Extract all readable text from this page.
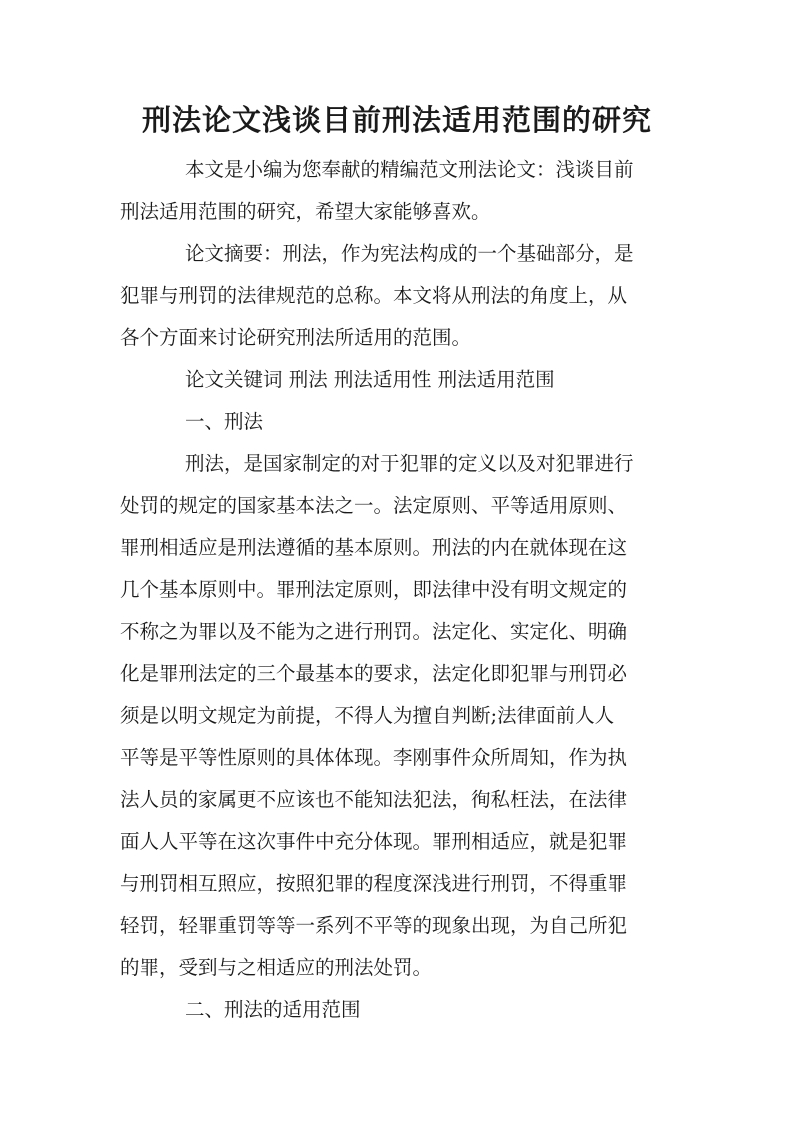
刑法论文浅谈目前刑法适用范围的研究
本文是小编为您奉献的精编范文刑法论文：浅谈目前
刑法适用范围的研究，希望大家能够喜欢。
论文摘要：刑法，作为宪法构成的一个基础部分，是
犯罪与刑罚的法律规范的总称。本文将从刑法的角度上，从
各个方面来讨论研究刑法所适用的范围。
论文关键词 刑法 刑法适用性 刑法适用范围
一、刑法
刑法，是国家制定的对于犯罪的定义以及对犯罪进行
处罚的规定的国家基本法之一。法定原则、平等适用原则、
罪刑相适应是刑法遵循的基本原则。刑法的内在就体现在这
几个基本原则中。罪刑法定原则，即法律中没有明文规定的
不称之为罪以及不能为之进行刑罚。法定化、实定化、明确
化是罪刑法定的三个最基本的要求，法定化即犯罪与刑罚必
须是以明文规定为前提，不得人为擅自判断;法律面前人人
平等是平等性原则的具体体现。李刚事件众所周知，作为执
法人员的家属更不应该也不能知法犯法，徇私枉法，在法律
面人人平等在这次事件中充分体现。罪刑相适应，就是犯罪
与刑罚相互照应，按照犯罪的程度深浅进行刑罚，不得重罪
轻罚，轻罪重罚等等一系列不平等的现象出现，为自己所犯
的罪，受到与之相适应的刑法处罚。
二、刑法的适用范围
